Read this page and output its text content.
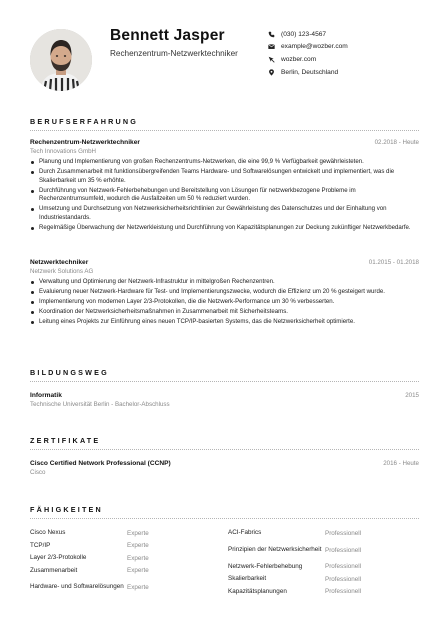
Bennett Jasper
Rechenzentrum-Netzwerktechniker
(030) 123-4567
example@wozber.com
wozber.com
Berlin, Deutschland
BERUFSERFAHRUNG
Rechenzentrum-Netzwerktechniker	02.2018 - Heute
Tech Innovations GmbH
Planung und Implementierung von großen Rechenzentrums-Netzwerken, die eine 99,9 % Verfügbarkeit gewährleisteten.
Durch Zusammenarbeit mit funktionsübergreifenden Teams Hardware- und Softwarelösungen entwickelt und implementiert, was die Skalierbarkeit um 35 % erhöhte.
Durchführung von Netzwerk-Fehlerbehebungen und Bereitstellung von Lösungen für netzwerkbezogene Probleme im Rechenzentrumsumfeld, wodurch die Ausfallzeiten um 50 % reduziert wurden.
Umsetzung und Durchsetzung von Netzwerksicherheitsrichtlinien zur Gewährleistung des Datenschutzes und der Einhaltung von Industriestandards.
Regelmäßige Überwachung der Netzwerkleistung und Durchführung von Kapazitätsplanungen zur Deckung zukünftiger Netzwerkbedarfe.
Netzwerktechniker	01.2015 - 01.2018
Netzwerk Solutions AG
Verwaltung und Optimierung der Netzwerk-Infrastruktur in mittelgroßen Rechenzentren.
Evaluierung neuer Netzwerk-Hardware für Test- und Implementierungszwecke, wodurch die Effizienz um 20 % gesteigert wurde.
Implementierung von modernen Layer 2/3-Protokollen, die die Netzwerk-Performance um 30 % verbesserten.
Koordination der Netzwerksicherheitsmaßnahmen in Zusammenarbeit mit Sicherheitsteams.
Leitung eines Projekts zur Einführung eines neuen TCP/IP-basierten Systems, das die Netzwerksicherheit optimierte.
BILDUNGSWEG
Informatik	2015
Technische Universität Berlin - Bachelor-Abschluss
ZERTIFIKATE
Cisco Certified Network Professional (CCNP)	2016 - Heute
Cisco
FÄHIGKEITEN
Cisco Nexus	Experte
TCP/IP	Experte
Layer 2/3-Protokolle	Experte
Zusammenarbeit	Experte
Hardware- und Softwarelösungen Experte
ACI-Fabrics	Professionell
Prinzipien der Netzwerksicherheit Professionell
Netzwerk-Fehlerbehebung	Professionell
Skalierbarkeit	Professionell
Kapazitätsplanungen	Professionell
